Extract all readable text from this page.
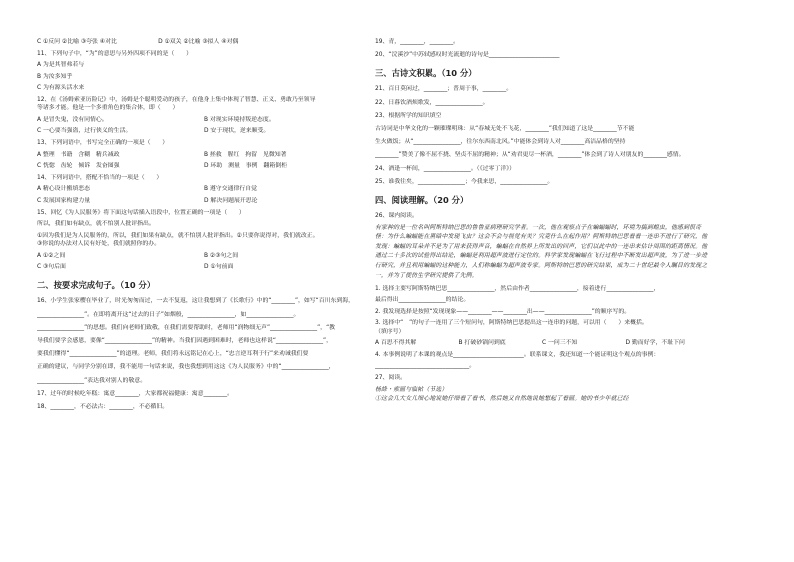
C ①反问 ②比喻 ③夸张 ④对比　　　　　　　D ①双关 ②比喻 ③拟人 ④对偶
11、下列句子中，“为”的意思与另外四项不同的是（　　）
A 为是其智弗若与
B 为汝多知乎
C 为有源头活水来
12、在《汤姆索亚历险记》中，汤姆是个聪明爱动的孩子，在他身上集中体现了智慧、正义、勇敢乃至领导
等诸多才能。他是一个多重角色的集合体，即（　　）
A 是冒失鬼，没有同情心。	B 对现实环境持叛逆态度。
C 一心要当强盗，过行侠义的生活。	D 安于现状，逆来顺受。
13、下列词语中，书写完全正确的一项是（　　）
A 整理　书籍　含糊　精兵减政	B 拯救　腥红　拘留　见微知著
C 恍惚　齿轮　倾诉　发奋图强	D 环助　测量　事例　翻箱倒柜
14、下列词语中，搭配不恰当的一项是（　　）
A 精心设计搬填恶态	B 遵守交通律行自觉
C 发展国家构建力量	D 解决问题展开思论
15、回忆《为人民服务》将下面这句话插入语段中，位置正确的一项是（　　）
所以，我们如有缺点，就不怕别人批评指出。
①因为我们是为人民服务的，所以，我们如果有缺点，就不怕别人批评指出。②只要你说得对，我们就改正。
③你说的办法对人民有好处，我们就照你的办。
A ①②之间	B ②③句之间
C ③句后面	D ①句前面
二、按要求完成句子。（10 分）
16、小学生张家樱在毕业了，时光匆匆而过，一去不复返，这让我想到了《长歌行》中的“________”，如写“百川东到海，
________________”。在即将离开这“过去的日子”如烟般，________________，如________________。
________________”的思想。我们向老师们致敬，在我们需要帮助时，老师用“润物细无声”________________”，“教
导我们要学会感恩，要像“________________”的精神。当我们因遇到困难时，老师也这样说“________________”，
要我们懂得“________________”的道理。老师，我们将永远铭记在心上，“忠言逆耳利于行”来劝诫我们要
正确的建议，与同学分别在即，我不能用一句话来说，我也我想到用这这《为人民服务》中的“________________，
________________”表达我对别人的敬意。
17、过年的时候吃年糕：寓意________，大家都祝福健康：寓意________。
18、________，不必法古：________，不必循旧。
19、青，________，________。
20、“浣溪沙”中苏轼感叹时光流逝的诗句是________________________
三、古诗文积累。（10 分）
21、百日莫闲过，________；普周于事，________。
22、日暮饮酒烦歌发，________________。
23、根据所学的知识填空
古诗词是中华文化的一颗璀璨明珠：从“春城无处不飞花，________”我们知道了这是________节不能
生火做饭；从“________________，往尔东西南北风。”中能体会到诗人对________高洁品格的坚持
________”赞美了像不屈不挠、坚贞不屈的精神；从“劝君更尽一杯酒，________”体会到了诗人对朋友的________感情。
24、酒逢一杯间，________________。（《过零丁洋》）
25、谁我往矣，________________；今我来思，________________。
四、阅读理解。（20 分）
26、课内阅读。
有家种的是一位名叫阿斯特纳巴思的鲁鲁亚病理研究学者。一次，他在观察点子在蝙蝠蝠时，环境为搞到蝗虫，他感到很奇怪：为什么蝙蝠能在黑暗中发现飞虫？这会不会与视觉有关？究竟什么在起作用？阿斯特纳巴思看看一连串不进行了研究，他发现：蝙蝠的耳朵并不是为了用来获得声音，蝙蝠在自然界上所发出的回声，它们以此中的一连串来估计周围的距离情况。他通过二十多次的试验得出结论，蝙蝠是利用超声波进行定位的。科学家发现蝙蝠在飞行过程中不断发出超声波，为了进一步进行研究，并且利用蝙蝠的这种能力，人们称蝙蝠为超声波专家。阿斯特纳巴思的研究结果，成为二十世纪最令人瞩目的发现之一，并为了使仿生学研究提供了先例。
1. 选择主要写阿斯特纳巴思________________，然后由作者________________，接着进行________________，
最后得出________________的结论。
2. 我发现选择是按照“发现现象——________——________出——________________”的顺序写的。
3. 选择中“　”的句子一连用了三个短问句，阿斯特纳巴思提出这一连串的问题，可以用（　　）来概括。
（填序号）
A 百思不得其解	B 打破砂锅问到底	C 一问三不知	D 勤而好学，不耻下问
4. 本事例说明了本课的观点是________________________。联系课文，我还知道一个能证明这个观点的事例：
________________________________。
27、阅读。
杨絳・索画与临帖（节选）
①这会儿大女儿细心地说她仔细看了看书，然后她又自然地说她想起了看画。她的书少年就已经
